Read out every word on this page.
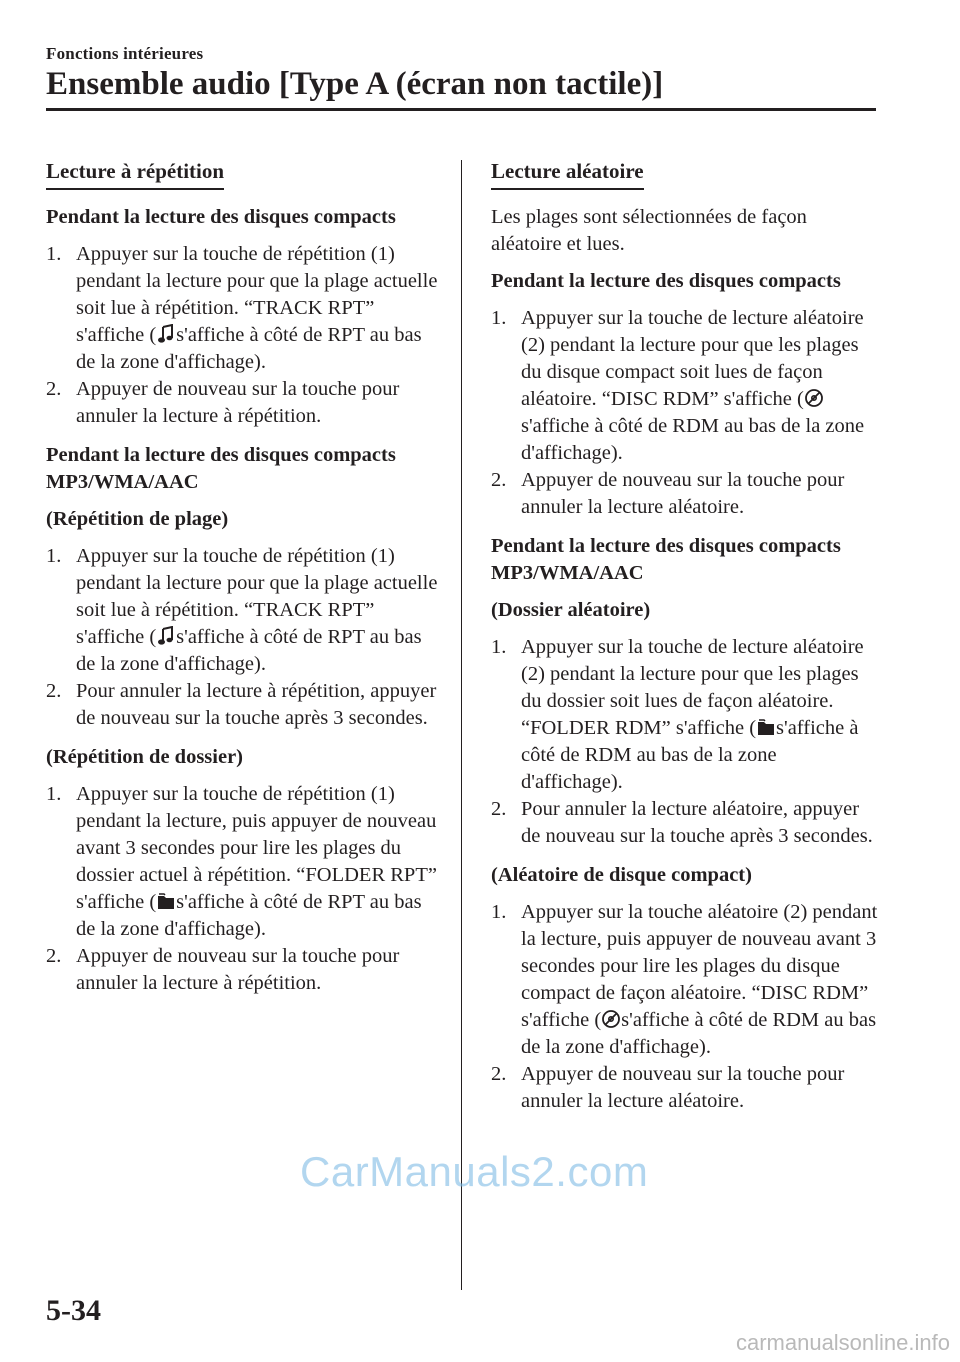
Fonctions intérieures
Ensemble audio [Type A (écran non tactile)]
Lecture à répétition
Pendant la lecture des disques compacts
1. Appuyer sur la touche de répétition (1) pendant la lecture pour que la plage actuelle soit lue à répétition. “TRACK RPT” s'affiche ( s'affiche à côté de RPT au bas de la zone d'affichage).
2. Appuyer de nouveau sur la touche pour annuler la lecture à répétition.
Pendant la lecture des disques compacts MP3/WMA/AAC
(Répétition de plage)
1. Appuyer sur la touche de répétition (1) pendant la lecture pour que la plage actuelle soit lue à répétition. “TRACK RPT” s'affiche ( s'affiche à côté de RPT au bas de la zone d'affichage).
2. Pour annuler la lecture à répétition, appuyer de nouveau sur la touche après 3 secondes.
(Répétition de dossier)
1. Appuyer sur la touche de répétition (1) pendant la lecture, puis appuyer de nouveau avant 3 secondes pour lire les plages du dossier actuel à répétition. “FOLDER RPT” s'affiche ( s'affiche à côté de RPT au bas de la zone d'affichage).
2. Appuyer de nouveau sur la touche pour annuler la lecture à répétition.
Lecture aléatoire
Les plages sont sélectionnées de façon aléatoire et lues.
Pendant la lecture des disques compacts
1. Appuyer sur la touche de lecture aléatoire (2) pendant la lecture pour que les plages du disque compact soit lues de façon aléatoire. “DISC RDM” s'affiche (s'affiche à côté de RDM au bas de la zone d'affichage).
2. Appuyer de nouveau sur la touche pour annuler la lecture aléatoire.
Pendant la lecture des disques compacts MP3/WMA/AAC
(Dossier aléatoire)
1. Appuyer sur la touche de lecture aléatoire (2) pendant la lecture pour que les plages du dossier soit lues de façon aléatoire. “FOLDER RDM” s'affiche ( s'affiche à côté de RDM au bas de la zone d'affichage).
2. Pour annuler la lecture aléatoire, appuyer de nouveau sur la touche après 3 secondes.
(Aléatoire de disque compact)
1. Appuyer sur la touche aléatoire (2) pendant la lecture, puis appuyer de nouveau avant 3 secondes pour lire les plages du disque compact de façon aléatoire. “DISC RDM” s'affiche ( s'affiche à côté de RDM au bas de la zone d'affichage).
2. Appuyer de nouveau sur la touche pour annuler la lecture aléatoire.
CarManuals2.com
5-34
carmanualsonline.info
